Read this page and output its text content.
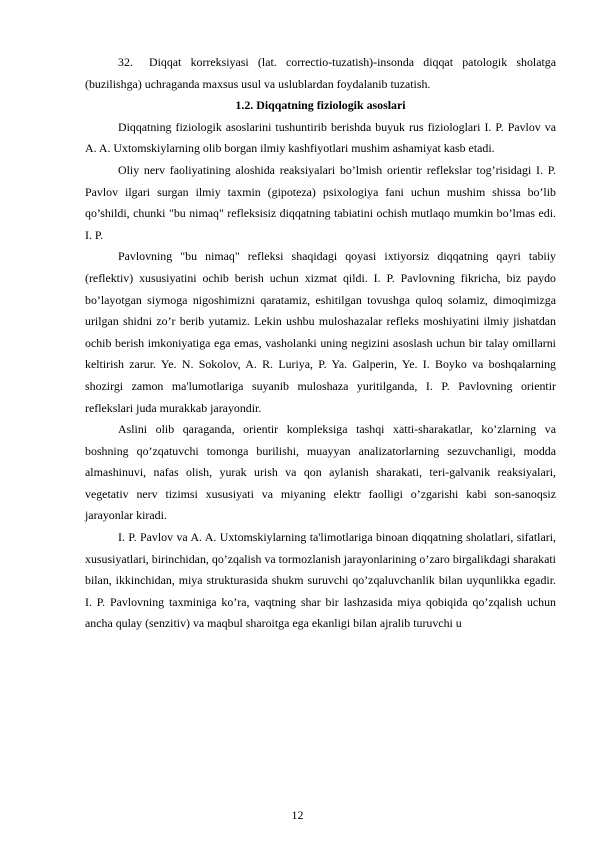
32. Diqqat korreksiyasi (lat. correctio-tuzatish)-insonda diqqat patologik sholatga (buzilishga) uchraganda maxsus usul va uslublardan foydalanib tuzatish.

1.2. Diqqatning fiziologik asoslari

Diqqatning fiziologik asoslarini tushuntirib berishda buyuk rus fiziologlari I. P. Pavlov va A. A. Uxtomskiylarning olib borgan ilmiy kashfiyotlari mushim ashamiyat kasb etadi.

Oliy nerv faoliyatining aloshida reaksiyalari bo’lmish orientir reflekslar tog’risidagi I. P. Pavlov ilgari surgan ilmiy taxmin (gipoteza) psixologiya fani uchun mushim shissa bo’lib qo’shildi, chunki "bu nimaq" refleksisiz diqqatning tabiatini ochish mutlaqo mumkin bo’lmas edi. I. P.

Pavlovning "bu nimaq" refleksi shaqidagi qoyasi ixtiyorsiz diqqatning qayri tabiiy (reflektiv) xususiyatini ochib berish uchun xizmat qildi. I. P. Pavlovning fikricha, biz paydo bo’layotgan siymoga nigoshimizni qaratamiz, eshitilgan tovushga quloq solamiz, dimoqimizga urilgan shidni zo’r berib yutamiz. Lekin ushbu muloshazalar refleks moshiyatini ilmiy jishatdan ochib berish imkoniyatiga ega emas, vasholanki uning negizini asoslash uchun bir talay omillarni keltirish zarur. Ye. N. Sokolov, A. R. Luriya, P. Ya. Galperin, Ye. I. Boyko va boshqalarning shozirgi zamon ma'lumotlariga suyanib muloshaza yuritilganda, I. P. Pavlovning orientir reflekslari juda murakkab jarayondir.

Aslini olib qaraganda, orientir kompleksiga tashqi xatti-sharakatlar, ko’zlarning va boshning qo’zqatuvchi tomonga burilishi, muayyan analizatorlarning sezuvchanligi, modda almashinuvi, nafas olish, yurak urish va qon aylanish sharakati, teri-galvanik reaksiyalari, vegetativ nerv tizimsi xususiyati va miyaning elektr faolligi o’zgarishi kabi son-sanoqsiz jarayonlar kiradi.

I. P. Pavlov va A. A. Uxtomskiylarning ta'limotlariga binoan diqqatning sholatlari, sifatlari, xususiyatlari, birinchidan, qo’zqalish va tormozlanish jarayonlarining o’zaro birgalikdagi sharakati bilan, ikkinchidan, miya strukturasida shukm suruvchi qo’zqaluvchanlik bilan uyqunlikka egadir. I. P. Pavlovning taxminiga ko’ra, vaqtning shar bir lashzasida miya qobiqida qo’zqalish uchun ancha qulay (senzitiv) va maqbul sharoitga ega ekanligi bilan ajralib turuvchi u

12
